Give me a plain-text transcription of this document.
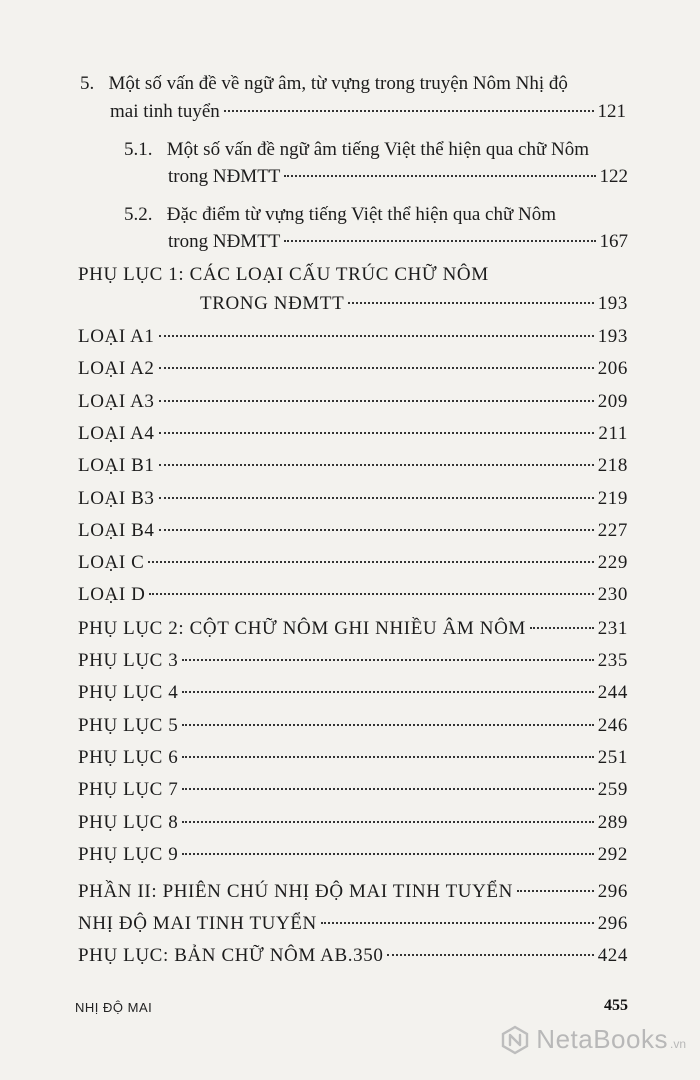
5. Một số vấn đề về ngữ âm, từ vựng trong truyện Nôm Nhị độ
mai tinh tuyển	121
5.1. Một số vấn đề ngữ âm tiếng Việt thể hiện qua chữ Nôm
trong NĐMTT	122
5.2. Đặc điểm từ vựng tiếng Việt thể hiện qua chữ Nôm
trong NĐMTT	167
PHỤ LỤC 1: CÁC LOẠI CẤU TRÚC CHỮ NÔM
TRONG NĐMTT	193
LOẠI A1	193
LOẠI A2	206
LOẠI A3	209
LOẠI A4	211
LOẠI B1	218
LOẠI B3	219
LOẠI B4	227
LOẠI C	229
LOẠI D	230
PHỤ LỤC 2: CỘT CHỮ NÔM GHI NHIỀU ÂM NÔM	231
PHỤ LỤC 3	235
PHỤ LỤC 4	244
PHỤ LỤC 5	246
PHỤ LỤC 6	251
PHỤ LỤC 7	259
PHỤ LỤC 8	289
PHỤ LỤC 9	292
PHẦN II: PHIÊN CHÚ NHỊ ĐỘ MAI TINH TUYỂN	296
NHỊ ĐỘ MAI TINH TUYỂN	296
PHỤ LỤC: BẢN CHỮ NÔM AB.350	424
NHỊ ĐỘ MAI	455
NetaBooks .vn
